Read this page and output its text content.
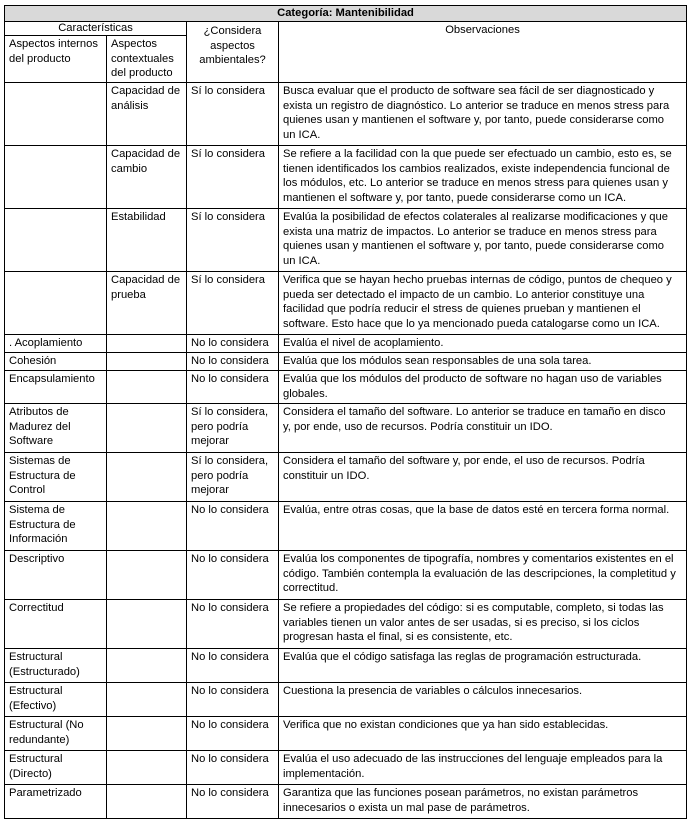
Categoría: Mantenibilidad			
Características		¿Considera aspectos ambientales?	Observaciones
Aspectos internos del producto	Aspectos contextuales del producto		
	Capacidad de análisis	Sí lo considera	Busca evaluar que el producto de software sea fácil de ser diagnosticado y exista un registro de diagnóstico. Lo anterior se traduce en menos stress para quienes usan y mantienen el software y, por tanto, puede considerarse como un ICA.
	Capacidad de cambio	Sí lo considera	Se refiere a la facilidad con la que puede ser efectuado un cambio, esto es, se tienen identificados los cambios realizados, existe independencia funcional de los módulos, etc. Lo anterior se traduce en menos stress para quienes usan y mantienen el software y, por tanto, puede considerarse como un ICA.
	Estabilidad	Sí lo considera	Evalúa la posibilidad de efectos colaterales al realizarse modificaciones y que exista una matriz de impactos. Lo anterior se traduce en menos stress para quienes usan y mantienen el software y, por tanto, puede considerarse como un ICA.
	Capacidad de prueba	Sí lo considera	Verifica que se hayan hecho pruebas internas de código, puntos de chequeo y pueda ser detectado el impacto de un cambio. Lo anterior constituye una facilidad que podría reducir el stress de quienes prueban y mantienen el software. Esto hace que lo ya mencionado pueda catalogarse como un ICA.
. Acoplamiento		No lo considera	Evalúa el nivel de acoplamiento.
Cohesión		No lo considera	Evalúa que los módulos sean responsables de una sola tarea.
Encapsulamiento		No lo considera	Evalúa que los módulos del producto de software no hagan uso de variables globales.
Atributos de Madurez del Software		Sí lo considera, pero podría mejorar	Considera el tamaño del software. Lo anterior se traduce en tamaño en disco y, por ende, uso de recursos. Podría constituir un IDO.
Sistemas de Estructura de Control		Sí lo considera, pero podría mejorar	Considera el tamaño del software y, por ende, el uso de recursos. Podría constituir un IDO.
Sistema de Estructura de Información		No lo considera	Evalúa, entre otras cosas, que la base de datos esté en tercera forma normal.
Descriptivo		No lo considera	Evalúa los componentes de tipografía, nombres y comentarios existentes en el código. También contempla la evaluación de las descripciones, la completitud y correctitud.
Correctitud		No lo considera	Se refiere a propiedades del código: si es computable, completo, si todas las variables tienen un valor antes de ser usadas, si es preciso, si los ciclos progresan hasta el final, si es consistente, etc.
Estructural (Estructurado)		No lo considera	Evalúa que el código satisfaga las reglas de programación estructurada.
Estructural (Efectivo)		No lo considera	Cuestiona la presencia de variables o cálculos innecesarios.
Estructural (No redundante)		No lo considera	Verifica que no existan condiciones que ya han sido establecidas.
Estructural (Directo)		No lo considera	Evalúa el uso adecuado de las instrucciones del lenguaje empleados para la implementación.
Parametrizado		No lo considera	Garantiza que las funciones posean parámetros, no existan parámetros innecesarios o exista un mal pase de parámetros.
